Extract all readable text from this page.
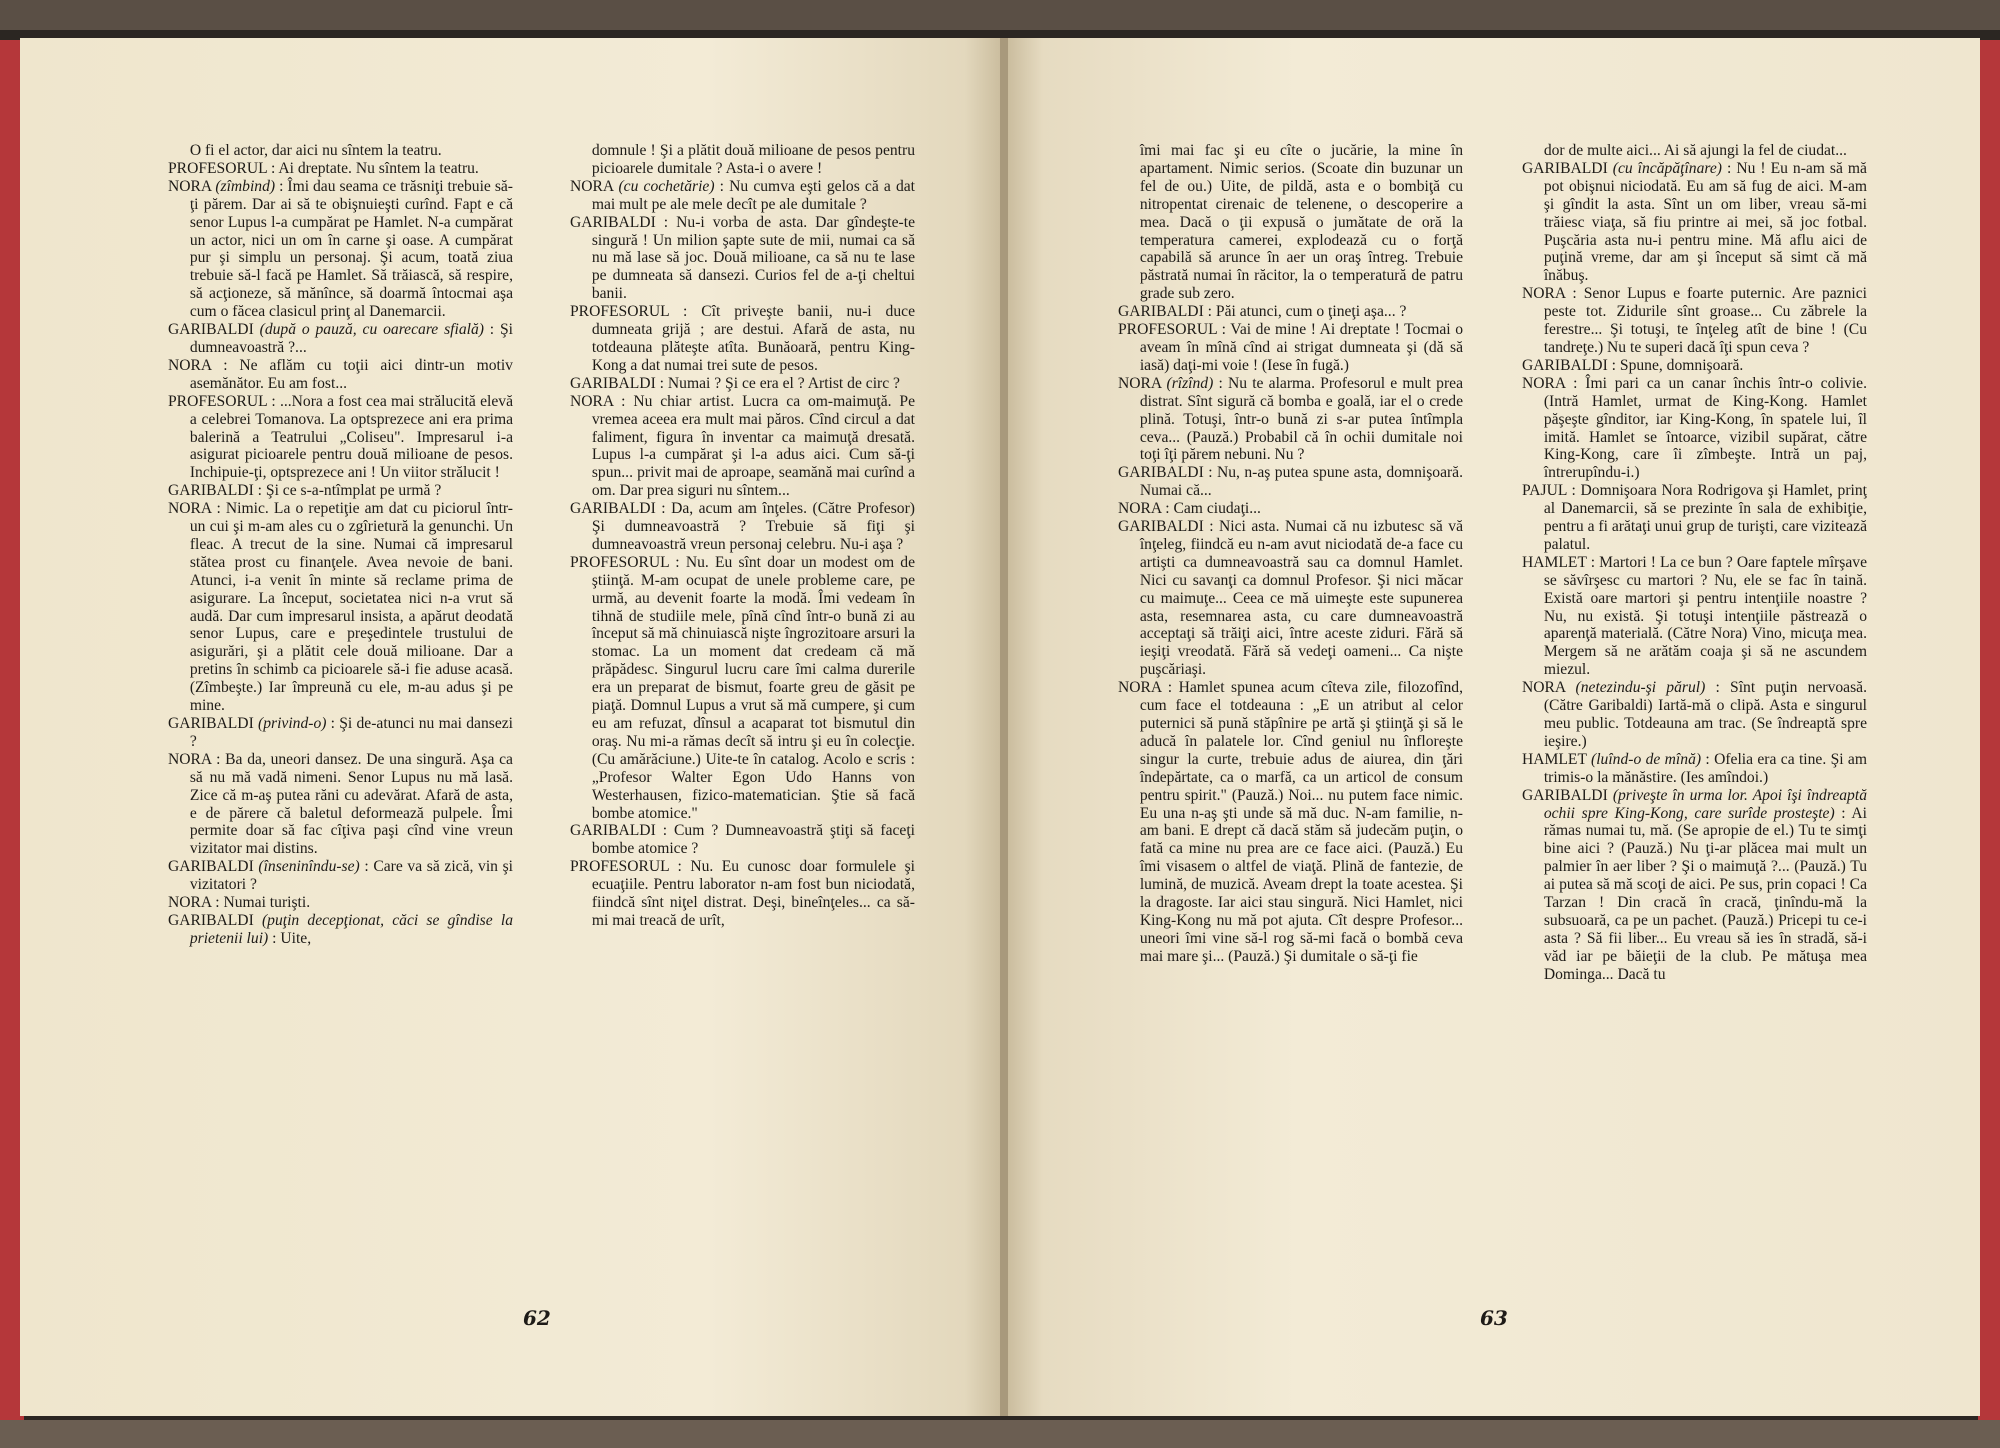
O fi el actor, dar aici nu sîntem la teatru.

PROFESORUL : Ai dreptate. Nu sîntem la teatru.

NORA (zîmbind) : Îmi dau seama ce trăsniţi trebuie să-ţi părem. Dar ai să te obişnuieşti curînd. Fapt e că senor Lupus l-a cumpărat pe Hamlet. N-a cumpărat un actor, nici un om în carne şi oase. A cumpărat pur şi simplu un personaj. Şi acum, toată ziua trebuie să-l facă pe Hamlet. Să trăiască, să respire, să acţioneze, să mănînce, să doarmă întocmai aşa cum o făcea clasicul prinţ al Danemarcii.

GARIBALDI (după o pauză, cu oarecare sfială) : Şi dumneavoastră ?...

NORA : Ne aflăm cu toţii aici dintr-un motiv asemănător. Eu am fost...

PROFESORUL : ...Nora a fost cea mai strălucită elevă a celebrei Tomanova. La optsprezece ani era prima balerină a Teatrului „Coliseu". Impresarul i-a asigurat picioarele pentru două milioane de pesos. Inchipuie-ţi, optsprezece ani ! Un viitor strălucit !

GARIBALDI : Şi ce s-a-ntîmplat pe urmă ?

NORA : Nimic. La o repetiţie am dat cu piciorul într-un cui şi m-am ales cu o zgîrietură la genunchi. Un fleac. A trecut de la sine. Numai că impresarul stătea prost cu finanţele. Avea nevoie de bani. Atunci, i-a venit în minte să reclame prima de asigurare. La început, societatea nici n-a vrut să audă. Dar cum impresarul insista, a apărut deodată senor Lupus, care e preşedintele trustului de asigurări, şi a plătit cele două milioane. Dar a pretins în schimb ca picioarele să-i fie aduse acasă. (Zîmbeşte.) Iar împreună cu ele, m-au adus şi pe mine.

GARIBALDI (privind-o) : Şi de-atunci nu mai dansezi ?

NORA : Ba da, uneori dansez. De una singură. Aşa ca să nu mă vadă nimeni. Senor Lupus nu mă lasă. Zice că m-aş putea răni cu adevărat. Afară de asta, e de părere că baletul deformează pulpele. Îmi permite doar să fac cîţiva paşi cînd vine vreun vizitator mai distins.

GARIBALDI (înseninîndu-se) : Care va să zică, vin şi vizitatori ?

NORA : Numai turişti.

GARIBALDI (puţin decepţionat, căci se gîndise la prietenii lui) : Uite,

domnule ! Şi a plătit două milioane de pesos pentru picioarele dumitale ? Asta-i o avere !

NORA (cu cochetărie) : Nu cumva eşti gelos că a dat mai mult pe ale mele decît pe ale dumitale ?

GARIBALDI : Nu-i vorba de asta. Dar gîndeşte-te singură ! Un milion şapte sute de mii, numai ca să nu mă lase să joc. Două milioane, ca să nu te lase pe dumneata să dansezi. Curios fel de a-ţi cheltui banii.

PROFESORUL : Cît priveşte banii, nu-i duce dumneata grijă ; are destui. Afară de asta, nu totdeauna plăteşte atîta. Bunăoară, pentru King-Kong a dat numai trei sute de pesos.

GARIBALDI : Numai ? Şi ce era el ? Artist de circ ?

NORA : Nu chiar artist. Lucra ca om-maimuţă. Pe vremea aceea era mult mai păros. Cînd circul a dat faliment, figura în inventar ca maimuţă dresată. Lupus l-a cumpărat şi l-a adus aici. Cum să-ţi spun... privit mai de aproape, seamănă mai curînd a om. Dar prea siguri nu sîntem...

GARIBALDI : Da, acum am înţeles. (Către Profesor) Şi dumneavoastră ? Trebuie să fiţi şi dumneavoastră vreun personaj celebru. Nu-i aşa ?

PROFESORUL : Nu. Eu sînt doar un modest om de ştiinţă. M-am ocupat de unele probleme care, pe urmă, au devenit foarte la modă. Îmi vedeam în tihnă de studiile mele, pînă cînd într-o bună zi au început să mă chinuiască nişte îngrozitoare arsuri la stomac. La un moment dat credeam că mă prăpădesc. Singurul lucru care îmi calma durerile era un preparat de bismut, foarte greu de găsit pe piaţă. Domnul Lupus a vrut să mă cumpere, şi cum eu am refuzat, dînsul a acaparat tot bismutul din oraş. Nu mi-a rămas decît să intru şi eu în colecţie. (Cu amărăciune.) Uite-te în catalog. Acolo e scris : „Profesor Walter Egon Udo Hanns von Westerhausen, fizico-matematician. Ştie să facă bombe atomice."

GARIBALDI : Cum ? Dumneavoastră ştiţi să faceţi bombe atomice ?

PROFESORUL : Nu. Eu cunosc doar formulele şi ecuaţiile. Pentru laborator n-am fost bun niciodată, fiindcă sînt niţel distrat. Deşi, bineînţeles... ca să-mi mai treacă de urît,

îmi mai fac şi eu cîte o jucărie, la mine în apartament. Nimic serios. (Scoate din buzunar un fel de ou.) Uite, de pildă, asta e o bombiţă cu nitropentat cirenaic de telenene, o descoperire a mea. Dacă o ţii expusă o jumătate de oră la temperatura camerei, explodează cu o forţă capabilă să arunce în aer un oraş întreg. Trebuie păstrată numai în răcitor, la o temperatură de patru grade sub zero.

GARIBALDI : Păi atunci, cum o ţineţi aşa... ?

PROFESORUL : Vai de mine ! Ai dreptate ! Tocmai o aveam în mînă cînd ai strigat dumneata şi (dă să iasă) daţi-mi voie ! (Iese în fugă.)

NORA (rîzînd) : Nu te alarma. Profesorul e mult prea distrat. Sînt sigură că bomba e goală, iar el o crede plină. Totuşi, într-o bună zi s-ar putea întîmpla ceva... (Pauză.) Probabil că în ochii dumitale noi toţi îţi părem nebuni. Nu ?

GARIBALDI : Nu, n-aş putea spune asta, domnişoară. Numai că...

NORA : Cam ciudaţi...

GARIBALDI : Nici asta. Numai că nu izbutesc să vă înţeleg, fiindcă eu n-am avut niciodată de-a face cu artişti ca dumneavoastră sau ca domnul Hamlet. Nici cu savanţi ca domnul Profesor. Şi nici măcar cu maimuţe... Ceea ce mă uimeşte este supunerea asta, resemnarea asta, cu care dumneavoastră acceptaţi să trăiţi aici, între aceste ziduri. Fără să ieşiţi vreodată. Fără să vedeţi oameni... Ca nişte puşcăriaşi.

NORA : Hamlet spunea acum cîteva zile, filozofînd, cum face el totdeauna : „E un atribut al celor puternici să pună stăpînire pe artă şi ştiinţă şi să le aducă în palatele lor. Cînd geniul nu înfloreşte singur la curte, trebuie adus de aiurea, din ţări îndepărtate, ca o marfă, ca un articol de consum pentru spirit." (Pauză.) Noi... nu putem face nimic. Eu una n-aş şti unde să mă duc. N-am familie, n-am bani. E drept că dacă stăm să judecăm puţin, o fată ca mine nu prea are ce face aici. (Pauză.) Eu îmi visasem o altfel de viaţă. Plină de fantezie, de lumină, de muzică. Aveam drept la toate acestea. Şi la dragoste. Iar aici stau singură. Nici Hamlet, nici King-Kong nu mă pot ajuta. Cît despre Profesor... uneori îmi vine să-l rog să-mi facă o bombă ceva mai mare şi... (Pauză.) Şi dumitale o să-ţi fie

dor de multe aici... Ai să ajungi la fel de ciudat...

GARIBALDI (cu încăpăţînare) : Nu ! Eu n-am să mă pot obişnui niciodată. Eu am să fug de aici. M-am şi gîndit la asta. Sînt un om liber, vreau să-mi trăiesc viaţa, să fiu printre ai mei, să joc fotbal. Puşcăria asta nu-i pentru mine. Mă aflu aici de puţină vreme, dar am şi început să simt că mă înăbuş.

NORA : Senor Lupus e foarte puternic. Are paznici peste tot. Zidurile sînt groase... Cu zăbrele la ferestre... Şi totuşi, te înţeleg atît de bine ! (Cu tandreţe.) Nu te superi dacă îţi spun ceva ?

GARIBALDI : Spune, domnişoară.

NORA : Îmi pari ca un canar închis într-o colivie. (Intră Hamlet, urmat de King-Kong. Hamlet păşeşte gînditor, iar King-Kong, în spatele lui, îl imită. Hamlet se întoarce, vizibil supărat, către King-Kong, care îi zîmbeşte. Intră un paj, întrerupîndu-i.)

PAJUL : Domnişoara Nora Rodrigova şi Hamlet, prinţ al Danemarcii, să se prezinte în sala de exhibiţie, pentru a fi arătaţi unui grup de turişti, care vizitează palatul.

HAMLET : Martori ! La ce bun ? Oare faptele mîrşave se săvîrşesc cu martori ? Nu, ele se fac în taină. Există oare martori şi pentru intenţiile noastre ? Nu, nu există. Şi totuşi intenţiile păstrează o aparenţă materială. (Către Nora) Vino, micuţa mea. Mergem să ne arătăm coaja şi să ne ascundem miezul.

NORA (netezindu-şi părul) : Sînt puţin nervoasă. (Către Garibaldi) Iartă-mă o clipă. Asta e singurul meu public. Totdeauna am trac. (Se îndreaptă spre ieşire.)

HAMLET (luînd-o de mînă) : Ofelia era ca tine. Şi am trimis-o la mănăstire. (Ies amîndoi.)

GARIBALDI (priveşte în urma lor. Apoi îşi îndreaptă ochii spre King-Kong, care surîde prosteşte) : Ai rămas numai tu, mă. (Se apropie de el.) Tu te simţi bine aici ? (Pauză.) Nu ţi-ar plăcea mai mult un palmier în aer liber ? Şi o maimuţă ?... (Pauză.) Tu ai putea să mă scoţi de aici. Pe sus, prin copaci ! Ca Tarzan ! Din cracă în cracă, ţinîndu-mă la subsuoară, ca pe un pachet. (Pauză.) Pricepi tu ce-i asta ? Să fii liber... Eu vreau să ies în stradă, să-i văd iar pe băieţii de la club. Pe mătuşa mea Dominga... Dacă tu

62	63
